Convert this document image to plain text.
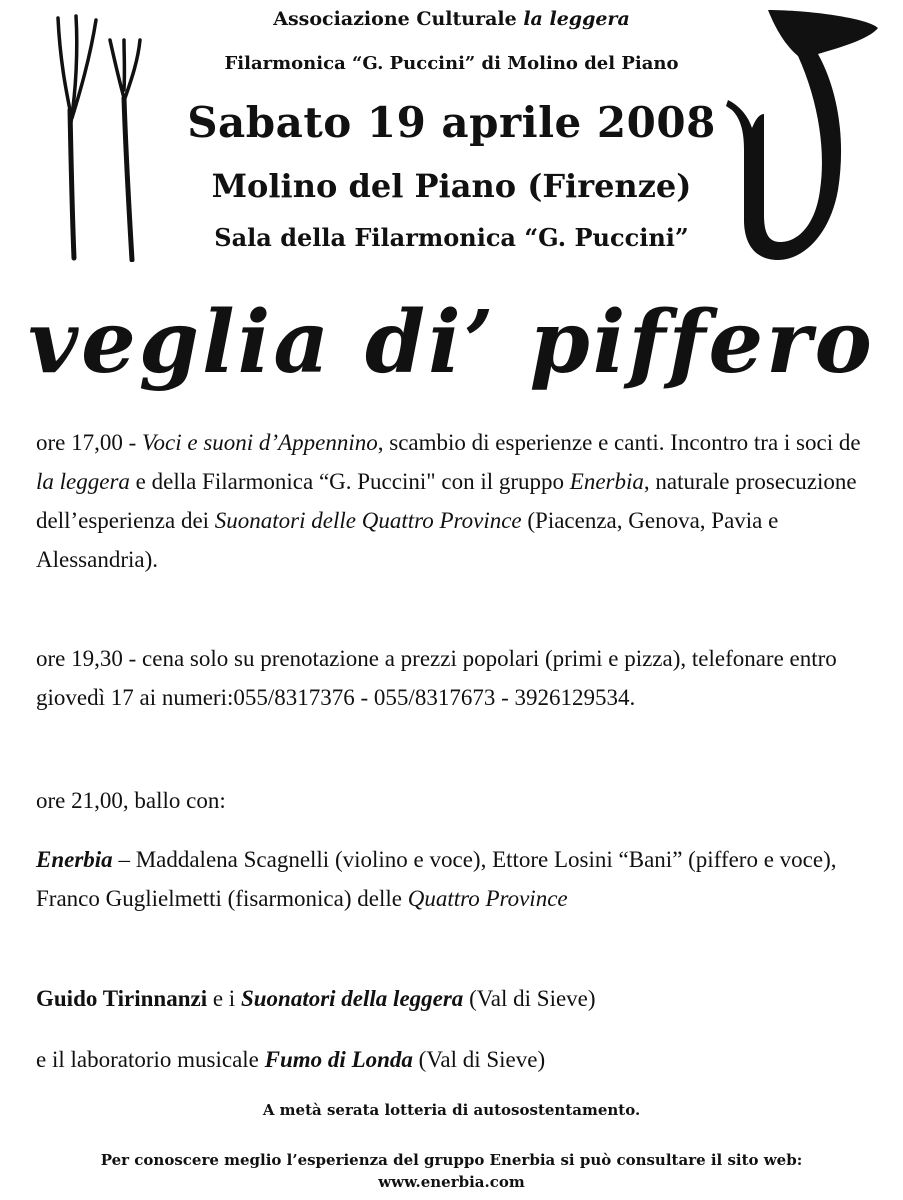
Associazione Culturale la leggera
Filarmonica “G. Puccini” di Molino del Piano
Sabato 19 aprile 2008
Molino del Piano (Firenze)
Sala della Filarmonica “G. Puccini”
veglia di’ piffero

ore 17,00 - Voci e suoni d’Appennino, scambio di esperienze e canti. Incontro tra i soci de la leggera e della Filarmonica “G. Puccini" con il gruppo Enerbia, naturale prosecuzione dell’esperienza dei Suonatori delle Quattro Province (Piacenza, Genova, Pavia e Alessandria).

ore 19,30 - cena solo su prenotazione a prezzi popolari (primi e pizza), telefonare entro giovedì 17 ai numeri:055/8317376 - 055/8317673 - 3926129534.

ore 21,00, ballo con:

Enerbia – Maddalena Scagnelli (violino e voce), Ettore Losini “Bani” (piffero e voce), Franco Guglielmetti (fisarmonica) delle Quattro Province

Guido Tirinnanzi e i Suonatori della leggera (Val di Sieve)

e il laboratorio musicale Fumo di Londa (Val di Sieve)

A metà serata lotteria di autosostentamento.
Per conoscere meglio l’esperienza del gruppo Enerbia si può consultare il sito web:
www.enerbia.com
